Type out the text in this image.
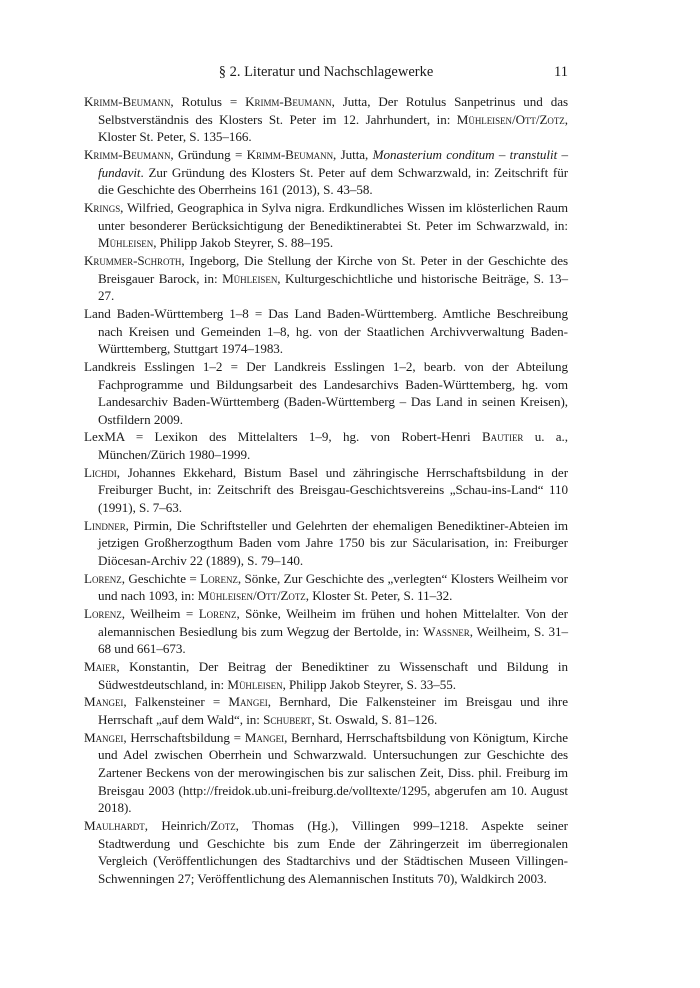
§ 2. Literatur und Nachschlagewerke	11

Krimm-Beumann, Rotulus = Krimm-Beumann, Jutta, Der Rotulus Sanpetrinus und das Selbstverständnis des Klosters St. Peter im 12. Jahrhundert, in: Mühleisen/Ott/Zotz, Kloster St. Peter, S. 135–166.

Krimm-Beumann, Gründung = Krimm-Beumann, Jutta, Monasterium conditum – transtulit – fundavit. Zur Gründung des Klosters St. Peter auf dem Schwarzwald, in: Zeitschrift für die Geschichte des Oberrheins 161 (2013), S. 43–58.

Krings, Wilfried, Geographica in Sylva nigra. Erdkundliches Wissen im klösterlichen Raum unter besonderer Berücksichtigung der Benediktinerabtei St. Peter im Schwarzwald, in: Mühleisen, Philipp Jakob Steyrer, S. 88–195.

Krummer-Schroth, Ingeborg, Die Stellung der Kirche von St. Peter in der Geschichte des Breisgauer Barock, in: Mühleisen, Kulturgeschichtliche und historische Beiträge, S. 13–27.

Land Baden-Württemberg 1–8 = Das Land Baden-Württemberg. Amtliche Beschreibung nach Kreisen und Gemeinden 1–8, hg. von der Staatlichen Archivverwaltung Baden-Württemberg, Stuttgart 1974–1983.

Landkreis Esslingen 1–2 = Der Landkreis Esslingen 1–2, bearb. von der Abteilung Fachprogramme und Bildungsarbeit des Landesarchivs Baden-Württemberg, hg. vom Landesarchiv Baden-Württemberg (Baden-Württemberg – Das Land in seinen Kreisen), Ostfildern 2009.

LexMA = Lexikon des Mittelalters 1–9, hg. von Robert-Henri Bautier u. a., München/Zürich 1980–1999.

Lichdi, Johannes Ekkehard, Bistum Basel und zähringische Herrschaftsbildung in der Freiburger Bucht, in: Zeitschrift des Breisgau-Geschichtsvereins „Schau-ins-Land“ 110 (1991), S. 7–63.

Lindner, Pirmin, Die Schriftsteller und Gelehrten der ehemaligen Benediktiner-Abteien im jetzigen Großherzogthum Baden vom Jahre 1750 bis zur Säcularisation, in: Freiburger Diöcesan-Archiv 22 (1889), S. 79–140.

Lorenz, Geschichte = Lorenz, Sönke, Zur Geschichte des „verlegten“ Klosters Weilheim vor und nach 1093, in: Mühleisen/Ott/Zotz, Kloster St. Peter, S. 11–32.

Lorenz, Weilheim = Lorenz, Sönke, Weilheim im frühen und hohen Mittelalter. Von der alemannischen Besiedlung bis zum Wegzug der Bertolde, in: Wassner, Weilheim, S. 31–68 und 661–673.

Maier, Konstantin, Der Beitrag der Benediktiner zu Wissenschaft und Bildung in Südwestdeutschland, in: Mühleisen, Philipp Jakob Steyrer, S. 33–55.

Mangei, Falkensteiner = Mangei, Bernhard, Die Falkensteiner im Breisgau und ihre Herrschaft „auf dem Wald“, in: Schubert, St. Oswald, S. 81–126.

Mangei, Herrschaftsbildung = Mangei, Bernhard, Herrschaftsbildung von Königtum, Kirche und Adel zwischen Oberrhein und Schwarzwald. Untersuchungen zur Geschichte des Zartener Beckens von der merowingischen bis zur salischen Zeit, Diss. phil. Freiburg im Breisgau 2003 (http://freidok.ub.uni-freiburg.de/volltexte/1295, abgerufen am 10. August 2018).

Maulhardt, Heinrich/Zotz, Thomas (Hg.), Villingen 999–1218. Aspekte seiner Stadtwerdung und Geschichte bis zum Ende der Zähringerzeit im überregionalen Vergleich (Veröffentlichungen des Stadtarchivs und der Städtischen Museen Villingen-Schwenningen 27; Veröffentlichung des Alemannischen Instituts 70), Waldkirch 2003.
